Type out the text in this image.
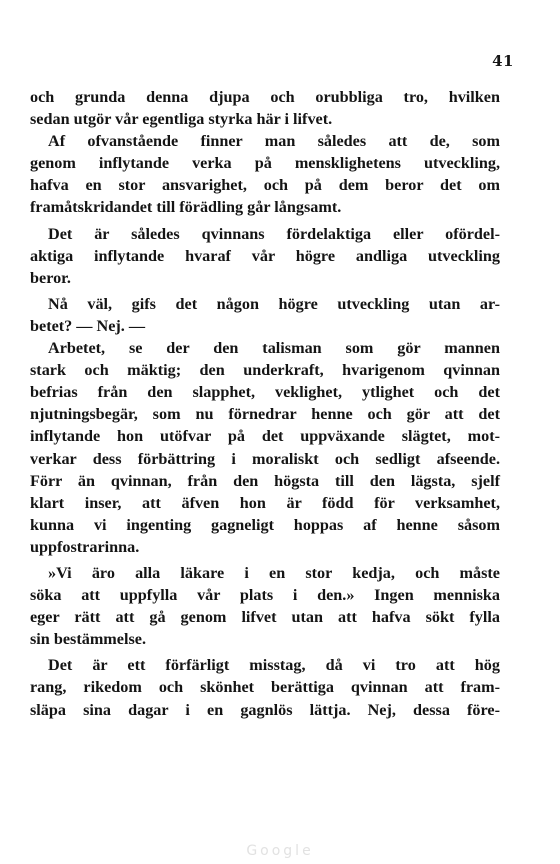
41
och grunda denna djupa och orubbliga tro, hvilken
sedan utgör vår egentliga styrka här i lifvet.
Af ofvanstående finner man således att de, som
genom inflytande verka på mensklighetens utveckling,
hafva en stor ansvarighet, och på dem beror det om
framåtskridandet till förädling går långsamt.
Det är således qvinnans fördelaktiga eller ofördel-
aktiga inflytande hvaraf vår högre andliga utveckling
beror.
Nå väl, gifs det någon högre utveckling utan ar-
betet? — Nej. —
Arbetet, se der den talisman som gör mannen
stark och mäktig; den underkraft, hvarigenom qvinnan
befrias från den slapphet, veklighet, ytlighet och det
njutningsbegär, som nu förnedrar henne och gör att det
inflytande hon utöfvar på det uppväxande slägtet, mot-
verkar dess förbättring i moraliskt och sedligt afseende.
Förr än qvinnan, från den högsta till den lägsta, sjelf
klart inser, att äfven hon är född för verksamhet,
kunna vi ingenting gagneligt hoppas af henne såsom
uppfostrarinna.
»Vi äro alla läkare i en stor kedja, och måste
söka att uppfylla vår plats i den.» Ingen menniska
eger rätt att gå genom lifvet utan att hafva sökt fylla
sin bestämmelse.
Det är ett förfärligt misstag, då vi tro att hög
rang, rikedom och skönhet berättiga qvinnan att fram-
släpa sina dagar i en gagnlös lättja. Nej, dessa före-
Google
